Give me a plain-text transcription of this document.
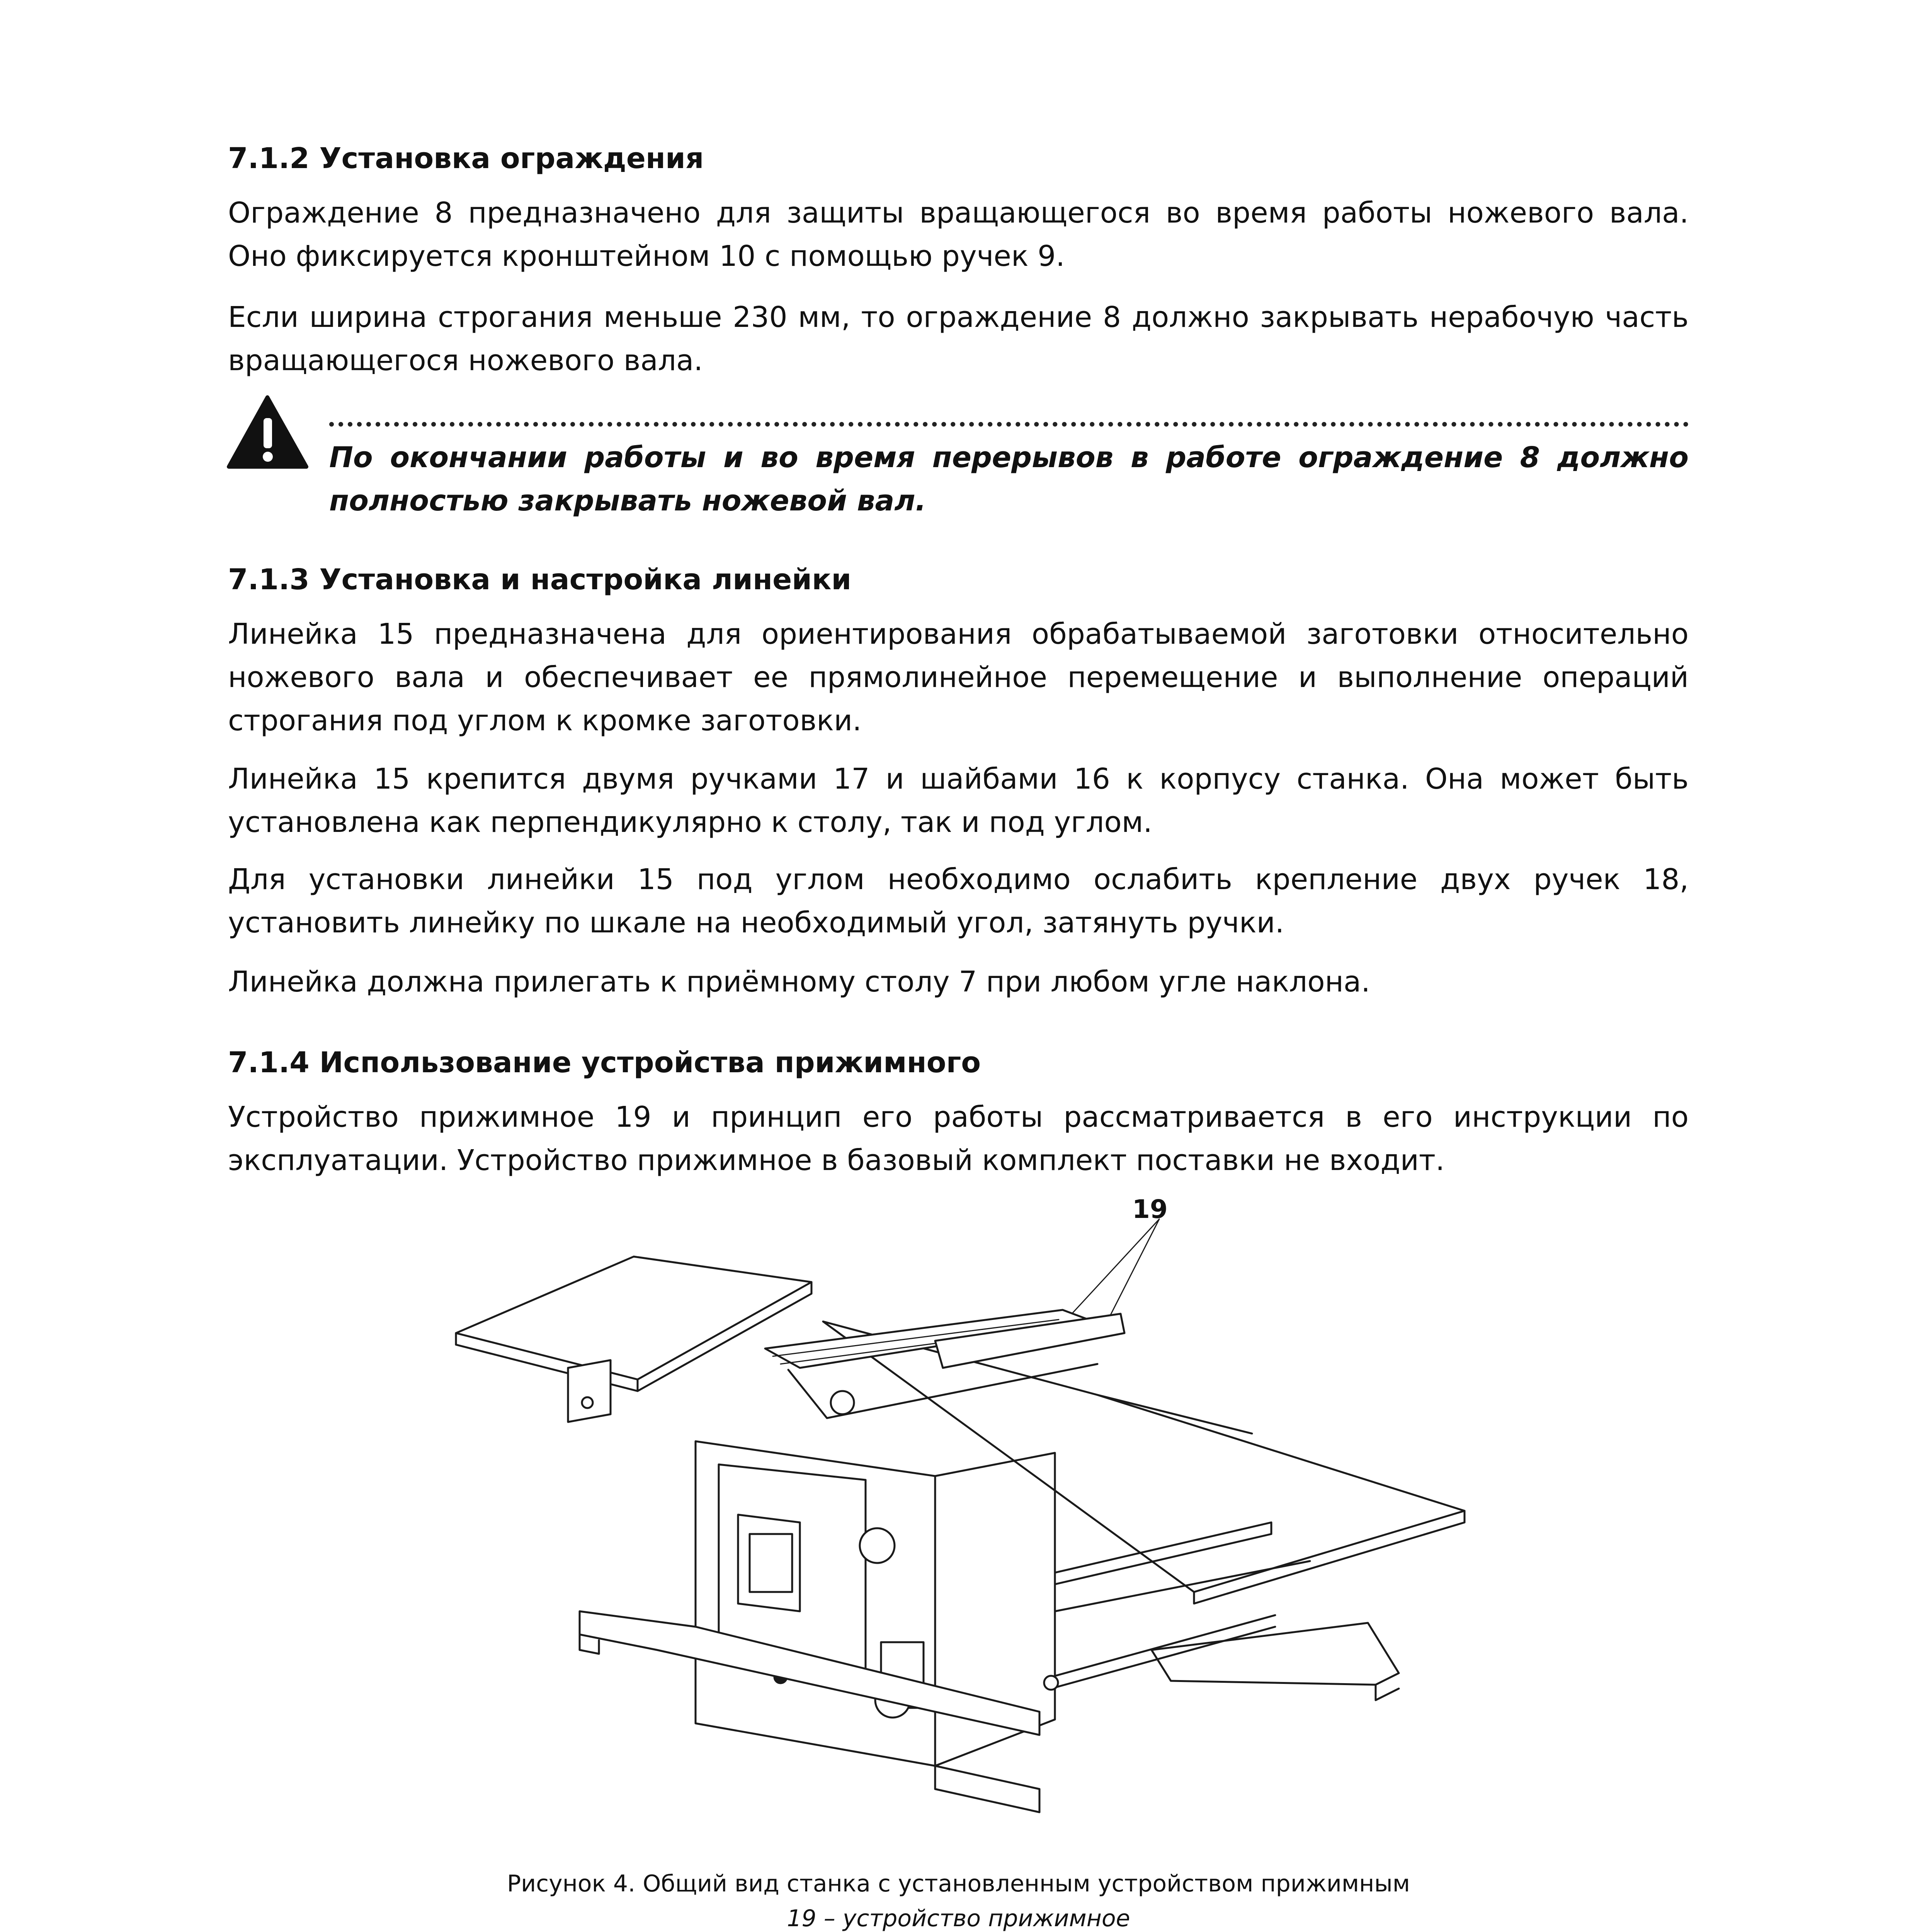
7.1.2 Установка ограждения

Ограждение 8 предназначено для защиты вращающегося во время работы ножевого вала. Оно фиксируется кронштейном 10 с помощью ручек 9.

Если ширина строгания меньше 230 мм, то ограждение 8 должно закрывать нерабочую часть вращающегося ножевого вала.

По окончании работы и во время перерывов в работе ограждение 8 должно полностью закрывать ножевой вал.

7.1.3 Установка и настройка линейки

Линейка 15 предназначена для ориентирования обрабатываемой заготовки относительно ножевого вала и обеспечивает ее прямолинейное перемещение и выполнение операций строгания под углом к кромке заготовки.

Линейка 15 крепится двумя ручками 17 и шайбами 16 к корпусу станка. Она может быть установлена как перпендикулярно к столу, так и под углом.

Для установки линейки 15 под углом необходимо ослабить крепление двух ручек 18, установить линейку по шкале на необходимый угол, затянуть ручки.

Линейка должна прилегать к приёмному столу 7 при любом угле наклона.

7.1.4 Использование устройства прижимного

Устройство прижимное 19 и принцип его работы рассматривается в его инструкции по эксплуатации. Устройство прижимное в базовый комплект поставки не входит.

19

Рисунок 4. Общий вид станка с установленным устройством прижимным

19 – устройство прижимное
